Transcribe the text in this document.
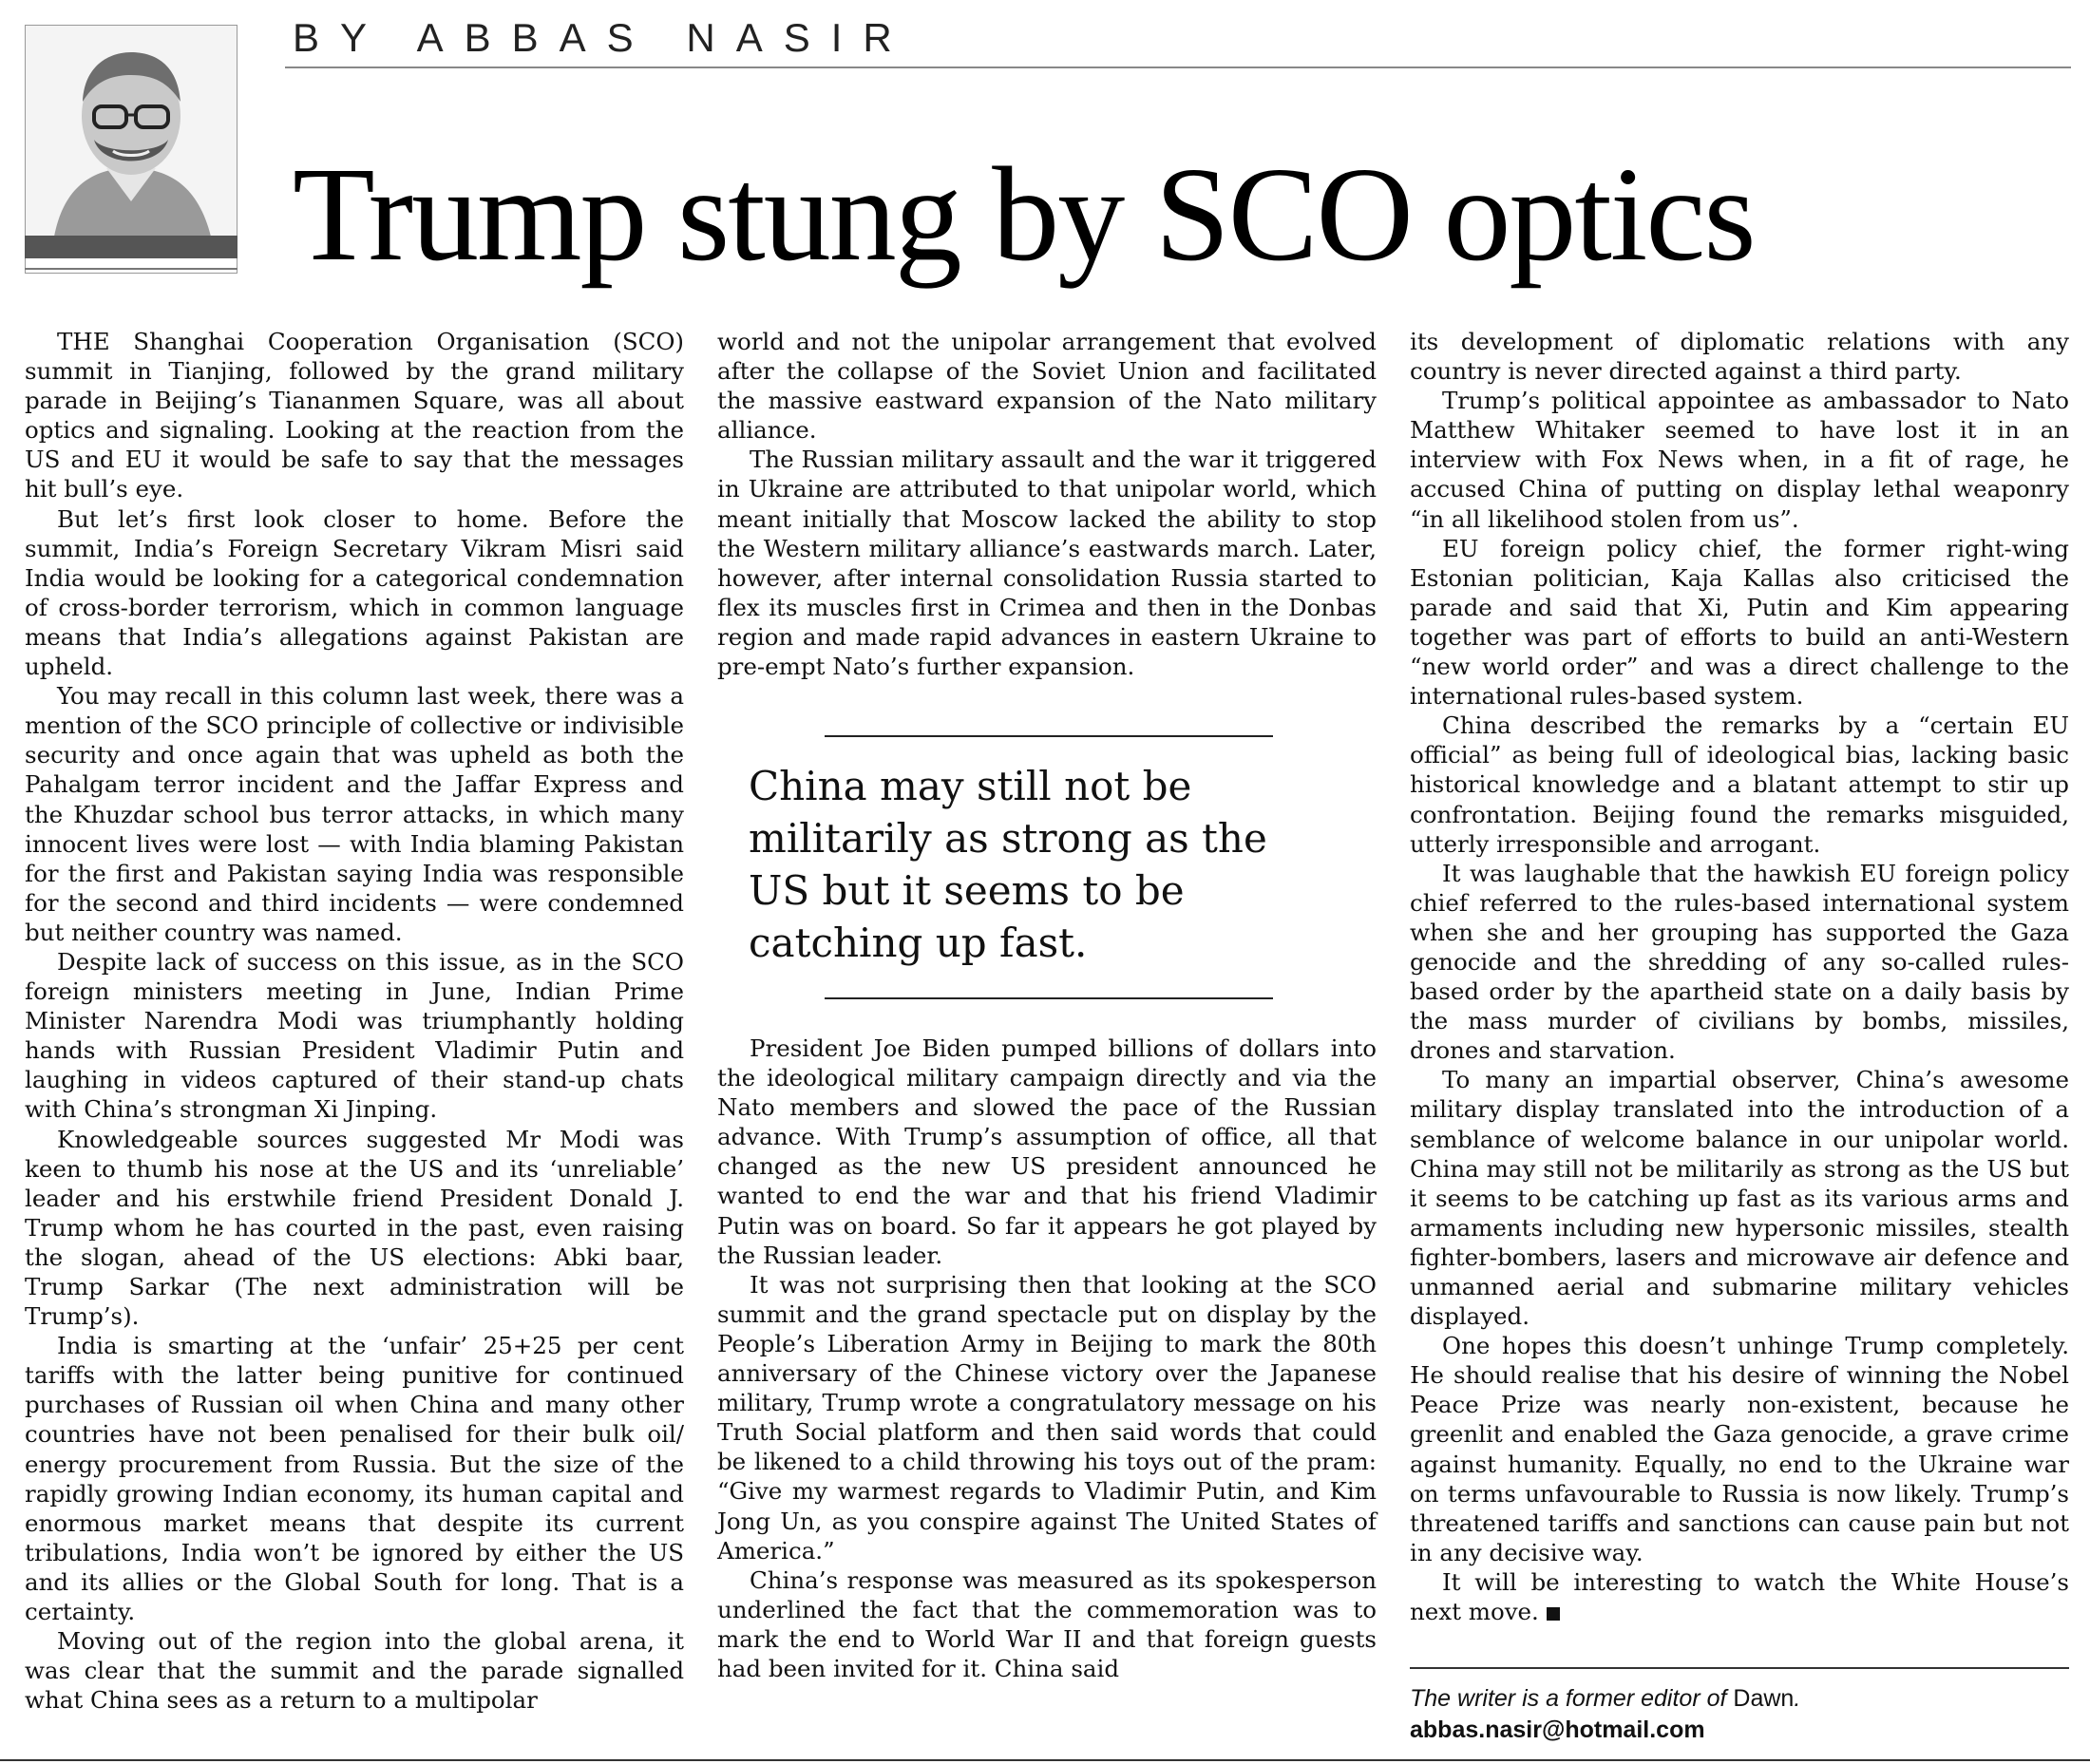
BY ABBAS NASIR
Trump stung by SCO optics

THE Shanghai Cooperation Organisation (SCO) summit in Tianjing, followed by the grand military parade in Beijing’s Tiananmen Square, was all about optics and signaling. Looking at the reaction from the US and EU it would be safe to say that the messages hit bull’s eye.

But let’s first look closer to home. Before the summit, India’s Foreign Secretary Vikram Misri said India would be looking for a categorical condemnation of cross-border terrorism, which in common language means that India’s allegations against Pakistan are upheld.

You may recall in this column last week, there was a mention of the SCO principle of collective or indivisible security and once again that was upheld as both the Pahalgam terror incident and the Jaffar Express and the Khuzdar school bus terror attacks, in which many innocent lives were lost — with India blaming Pakistan for the first and Pakistan saying India was responsible for the second and third incidents — were condemned but neither country was named.

Despite lack of success on this issue, as in the SCO foreign ministers meeting in June, Indian Prime Minister Narendra Modi was triumphantly holding hands with Russian President Vladimir Putin and laughing in videos captured of their stand-up chats with China’s strongman Xi Jinping.

Knowledgeable sources suggested Mr Modi was keen to thumb his nose at the US and its ‘unreliable’ leader and his erstwhile friend President Donald J. Trump whom he has courted in the past, even raising the slogan, ahead of the US elections: Abki baar, Trump Sarkar (The next administration will be Trump’s).

India is smarting at the ‘unfair’ 25+25 per cent tariffs with the latter being punitive for continued purchases of Russian oil when China and many other countries have not been penalised for their bulk oil/ energy procurement from Russia. But the size of the rapidly growing Indian economy, its human capital and enormous market means that despite its current tribulations, India won’t be ignored by either the US and its allies or the Global South for long. That is a certainty.

Moving out of the region into the global arena, it was clear that the summit and the parade signalled what China sees as a return to a multipolar

world and not the unipolar arrangement that evolved after the collapse of the Soviet Union and facilitated the massive eastward expansion of the Nato military alliance.

The Russian military assault and the war it triggered in Ukraine are attributed to that unipolar world, which meant initially that Moscow lacked the ability to stop the Western military alliance’s eastwards march. Later, however, after internal consolidation Russia started to flex its muscles first in Crimea and then in the Donbas region and made rapid advances in eastern Ukraine to pre-empt Nato’s further expansion.

China may still not be militarily as strong as the US but it seems to be catching up fast.

President Joe Biden pumped billions of dollars into the ideological military campaign directly and via the Nato members and slowed the pace of the Russian advance. With Trump’s assumption of office, all that changed as the new US president announced he wanted to end the war and that his friend Vladimir Putin was on board. So far it appears he got played by the Russian leader.

It was not surprising then that looking at the SCO summit and the grand spectacle put on display by the People’s Liberation Army in Beijing to mark the 80th anniversary of the Chinese victory over the Japanese military, Trump wrote a congratulatory message on his Truth Social platform and then said words that could be likened to a child throwing his toys out of the pram: “Give my warmest regards to Vladimir Putin, and Kim Jong Un, as you conspire against The United States of America.”

China’s response was measured as its spokesperson underlined the fact that the commemoration was to mark the end to World War II and that foreign guests had been invited for it. China said

its development of diplomatic relations with any country is never directed against a third party.

Trump’s political appointee as ambassador to Nato Matthew Whitaker seemed to have lost it in an interview with Fox News when, in a fit of rage, he accused China of putting on display lethal weaponry “in all likelihood stolen from us”.

EU foreign policy chief, the former right-wing Estonian politician, Kaja Kallas also criticised the parade and said that Xi, Putin and Kim appearing together was part of efforts to build an anti-Western “new world order” and was a direct challenge to the international rules-based system.

China described the remarks by a “certain EU official” as being full of ideological bias, lacking basic historical knowledge and a blatant attempt to stir up confrontation. Beijing found the remarks misguided, utterly irresponsible and arrogant.

It was laughable that the hawkish EU foreign policy chief referred to the rules-based international system when she and her grouping has supported the Gaza genocide and the shredding of any so-called rules-based order by the apartheid state on a daily basis by the mass murder of civilians by bombs, missiles, drones and starvation.

To many an impartial observer, China’s awesome military display translated into the introduction of a semblance of welcome balance in our unipolar world. China may still not be militarily as strong as the US but it seems to be catching up fast as its various arms and armaments including new hypersonic missiles, stealth fighter-bombers, lasers and microwave air defence and unmanned aerial and submarine military vehicles displayed.

One hopes this doesn’t unhinge Trump completely. He should realise that his desire of winning the Nobel Peace Prize was nearly non-existent, because he greenlit and enabled the Gaza genocide, a grave crime against humanity. Equally, no end to the Ukraine war on terms unfavourable to Russia is now likely. Trump’s threatened tariffs and sanctions can cause pain but not in any decisive way.

It will be interesting to watch the White House’s next move.

The writer is a former editor of Dawn.
abbas.nasir@hotmail.com
